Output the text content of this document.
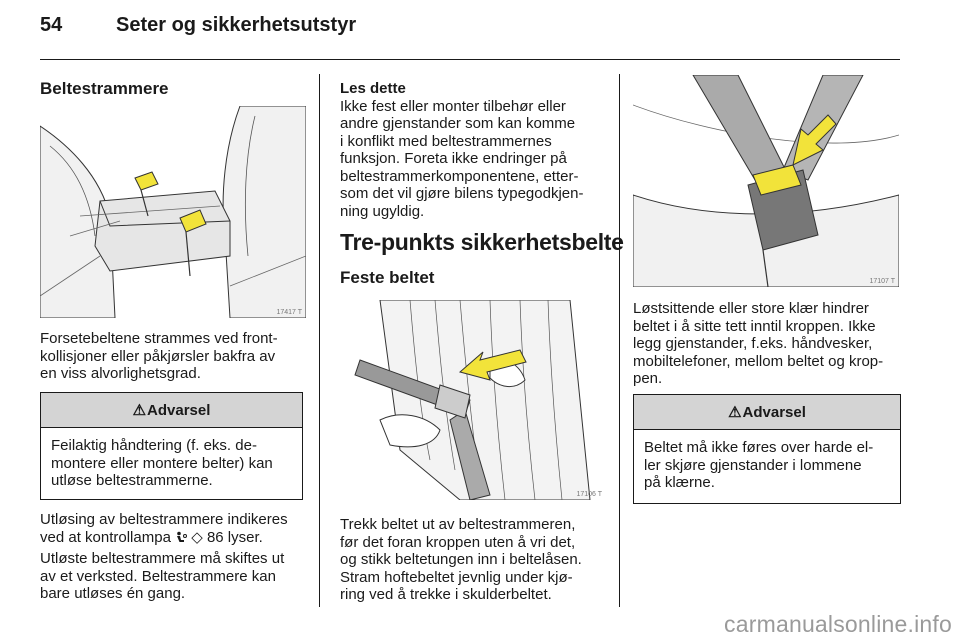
54	Seter og sikkerhetsutstyr
Beltestrammere
17417 T

Forsetebeltene strammes ved front-

kollisjoner eller påkjørsler bakfra av

en viss alvorlighetsgrad.

⚠ Advarsel
Feilaktig håndtering (f. eks. de-
montere eller montere belter) kan
utløse beltestrammerne.

Utløsing av beltestrammere indikeres

ved at kontrollampa  ◇ 86 lyser.

Utløste beltestrammere må skiftes ut

av et verksted. Beltestrammere kan

bare utløses én gang.

Les dette

Ikke fest eller monter tilbehør eller

andre gjenstander som kan komme

i konflikt med beltestrammernes

funksjon. Foreta ikke endringer på

beltestrammerkomponentene, etter-

som det vil gjøre bilens typegodkjen-

ning ugyldig.

Tre-punkts sikkerhetsbelte
Feste beltet
17106 T

Trekk beltet ut av beltestrammeren,

før det foran kroppen uten å vri det,

og stikk beltetungen inn i beltelåsen.

Stram hoftebeltet jevnlig under kjø-

ring ved å trekke i skulderbeltet.

17107 T

Løstsittende eller store klær hindrer

beltet i å sitte tett inntil kroppen. Ikke

legg gjenstander, f.eks. håndvesker,

mobiltelefoner, mellom beltet og krop-

pen.

⚠ Advarsel
Beltet må ikke føres over harde el-
ler skjøre gjenstander i lommene
på klærne.
carmanualsonline.info
